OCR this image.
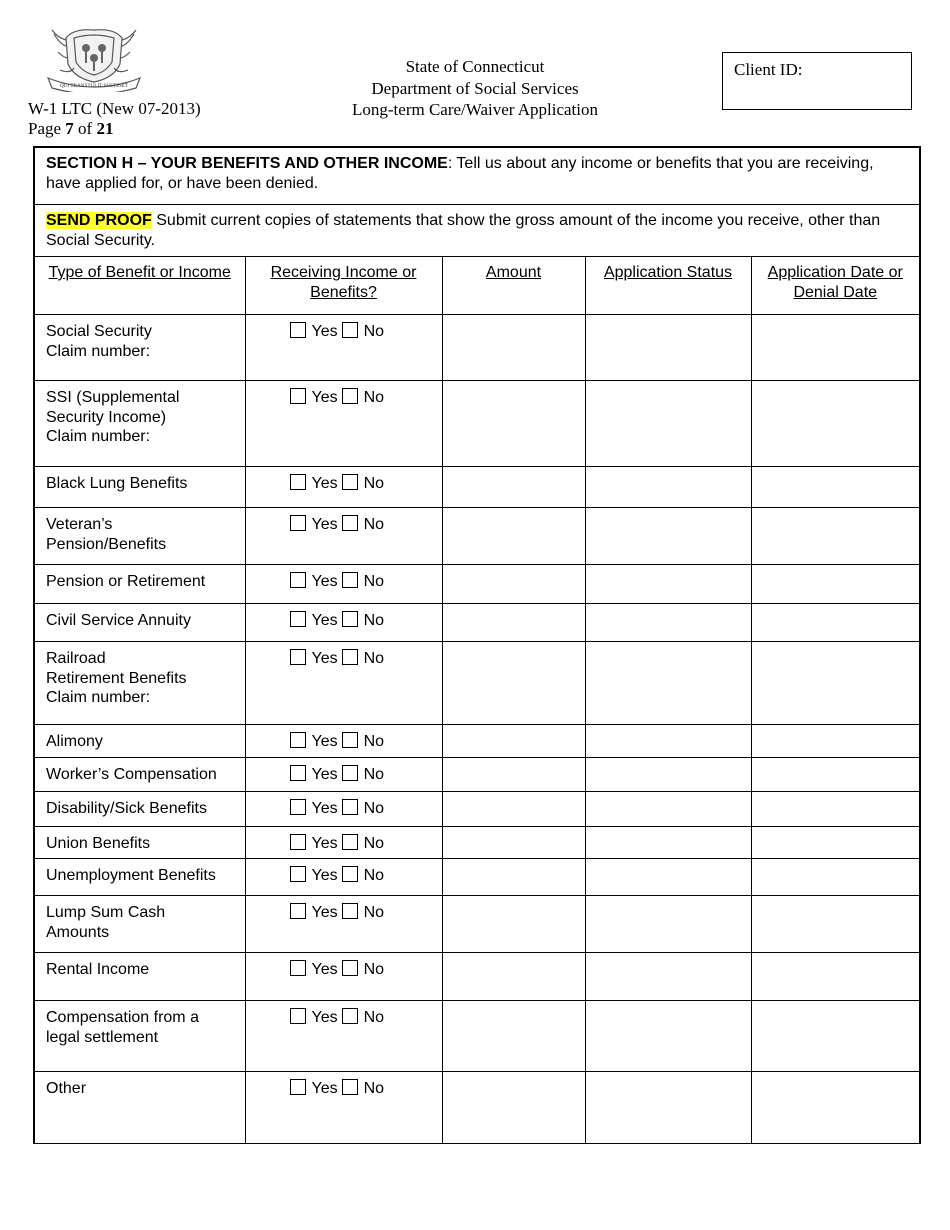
QUI TRANSTULIT SUSTINET
W-1 LTC (New 07-2013)
Page 7 of 21
State of Connecticut
Department of Social Services
Long-term Care/Waiver Application
Client ID:
SECTION H – YOUR BENEFITS AND OTHER INCOME: Tell us about any income or benefits that you are receiving, have applied for, or have been denied.				
SEND PROOF Submit current copies of statements that show the gross amount of the income you receive, other than Social Security.				
Type of Benefit or Income	Receiving Income or Benefits?	Amount	Application Status	Application Date or Denial Date

Social Security
Claim number:	Yes No			

SSI (Supplemental
Security Income)
Claim number:	Yes No			

Black Lung Benefits	Yes No			

Veteran’s
Pension/Benefits	Yes No			

Pension or Retirement	Yes No			

Civil Service Annuity	Yes No			

Railroad
Retirement Benefits
Claim number:	Yes No			

Alimony	Yes No			

Worker’s Compensation	Yes No			

Disability/Sick Benefits	Yes No			

Union Benefits	Yes No			

Unemployment Benefits	Yes No			

Lump Sum Cash
Amounts	Yes No			

Rental Income	Yes No			

Compensation from a
legal settlement	Yes No			

Other	Yes No			
